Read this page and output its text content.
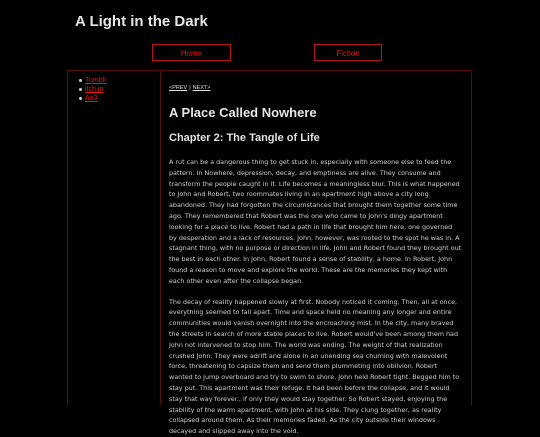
A Light in the Dark
Home	Fiction
Tumblr
itch.io
Ao3

<PREV | NEXT>

A Place Called Nowhere
Chapter 2: The Tangle of Life

A rut can be a dangerous thing to get stuck in, especially with someone else to feed the pattern. In Nowhere, depression, decay, and emptiness are alive. They consume and transform the people caught in it. Life becomes a meaningless blur. This is what happened to John and Robert, two roommates living in an apartment high above a city long abandoned. They had forgotten the circumstances that brought them together some time ago. They remembered that Robert was the one who came to John's dingy apartment looking for a place to live. Robert had a path in life that brought him here, one governed by desperation and a lack of resources. John, however, was rooted to the spot he was in. A stagnant thing, with no purpose or direction in life. John and Robert found they brought out the best in each other. In John, Robert found a sense of stability, a home. In Robert, John found a reason to move and explore the world. These are the memories they kept with each other even after the collapse began.

The decay of reality happened slowly at first. Nobody noticed it coming. Then, all at once, everything seemed to fall apart. Time and space held no meaning any longer and entire communities would vanish overnight into the encroaching mist. In the city, many braved the streets in search of more stable places to live. Robert would've been among them had John not intervened to stop him. The world was ending. The weight of that realization crushed John. They were adrift and alone in an unending sea churning with malevolent force, threatening to capsize them and send them plummeting into oblivion. Robert wanted to jump overboard and try to swim to shore. John held Robert tight. Begged him to stay put. This apartment was their refuge. It had been before the collapse, and it would stay that way forever., if only they would stay together. So Robert stayed, enjoying the stability of the warm apartment, with John at his side. They clung together, as reality collapsed around them. As their memories faded. As the city outside their windows decayed and slipped away into the void.
